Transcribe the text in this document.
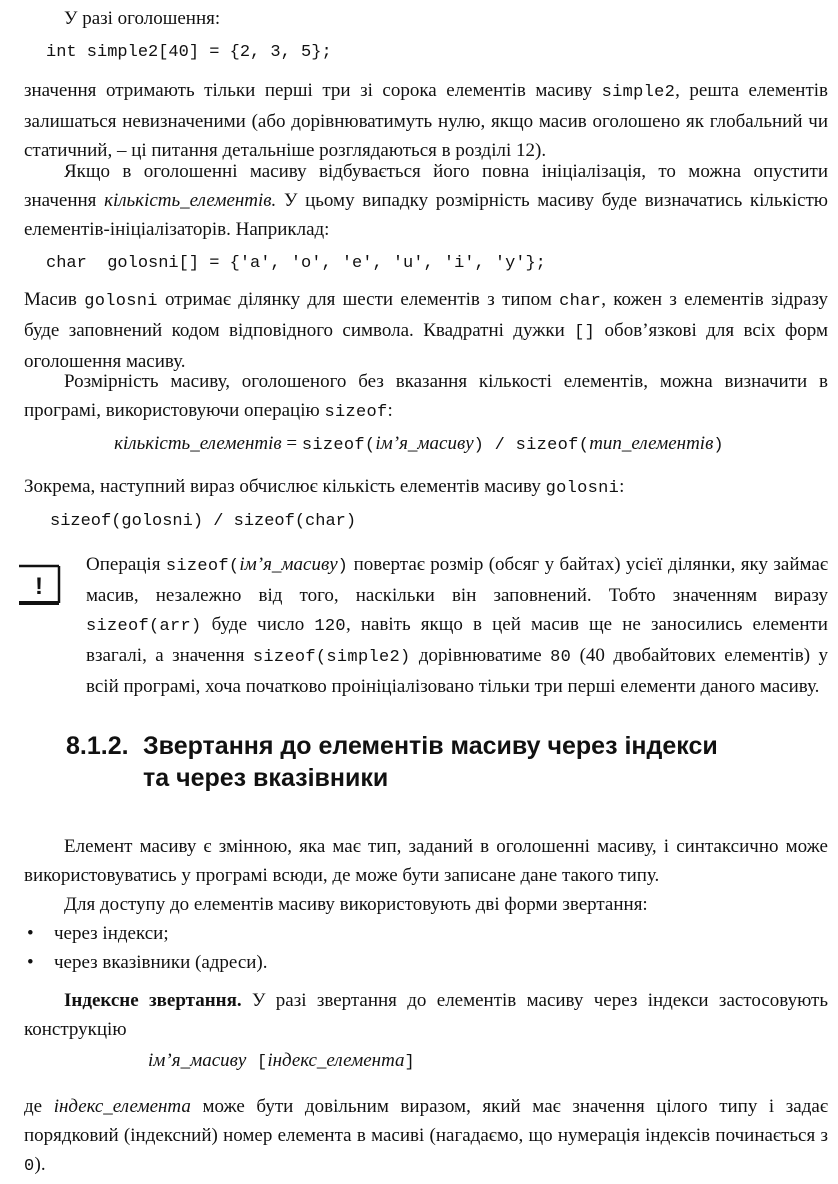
У разі оголошення:
int simple2[40] = {2, 3, 5};
значення отримають тільки перші три зі сорока елементів масиву simple2, решта елементів залишаться невизначеними (або дорівнюватимуть нулю, якщо масив оголошено як глобальний чи статичний, – ці питання детальніше розглядаються в розділі 12).
Якщо в оголошенні масиву відбувається його повна ініціалізація, то можна опустити значення кількість_елементів. У цьому випадку розмірність масиву буде визначатись кількістю елементів-ініціалізаторів. Наприклад:
char  golosni[] = {'a', 'o', 'e', 'u', 'i', 'y'};
Масив golosni отримає ділянку для шести елементів з типом char, кожен з елементів зідразу буде заповнений кодом відповідного символа. Квадратні дужки [] обов’язкові для всіх форм оголошення масиву.
Розмірність масиву, оголошеного без вказання кількості елементів, можна визначити в програмі, використовуючи операцію sizeof:
кількість_елементів = sizeof(ім’я_масиву) / sizeof(тип_елементів)
Зокрема, наступний вираз обчислює кількість елементів масиву golosni:
sizeof(golosni) / sizeof(char)
!
Операція sizeof(ім’я_масиву) повертає розмір (обсяг у байтах) усієї ділянки, яку займає масив, незалежно від того, наскільки він заповнений. Тобто значенням виразу sizeof(arr) буде число 120, навіть якщо в цей масив ще не заносились елементи взагалі, а значення sizeof(simple2) дорівнюватиме 80 (40 двобайтових елементів) у всій програмі, хоча початково проініціалізовано тільки три перші елементи даного масиву.
8.1.2. Звертання до елементів масиву через індекси
та через вказівники
Елемент масиву є змінною, яка має тип, заданий в оголошенні масиву, і синтаксично може використовуватись у програмі всюди, де може бути записане дане такого типу.
Для доступу до елементів масиву використовують дві форми звертання:
• через індекси;
• через вказівники (адреси).
Індексне звертання. У разі звертання до елементів масиву через індекси застосовують конструкцію
ім’я_масиву [індекс_елемента]
де індекс_елемента може бути довільним виразом, який має значення цілого типу і задає порядковий (індексний) номер елемента в масиві (нагадаємо, що нумерація індексів починається з 0).
